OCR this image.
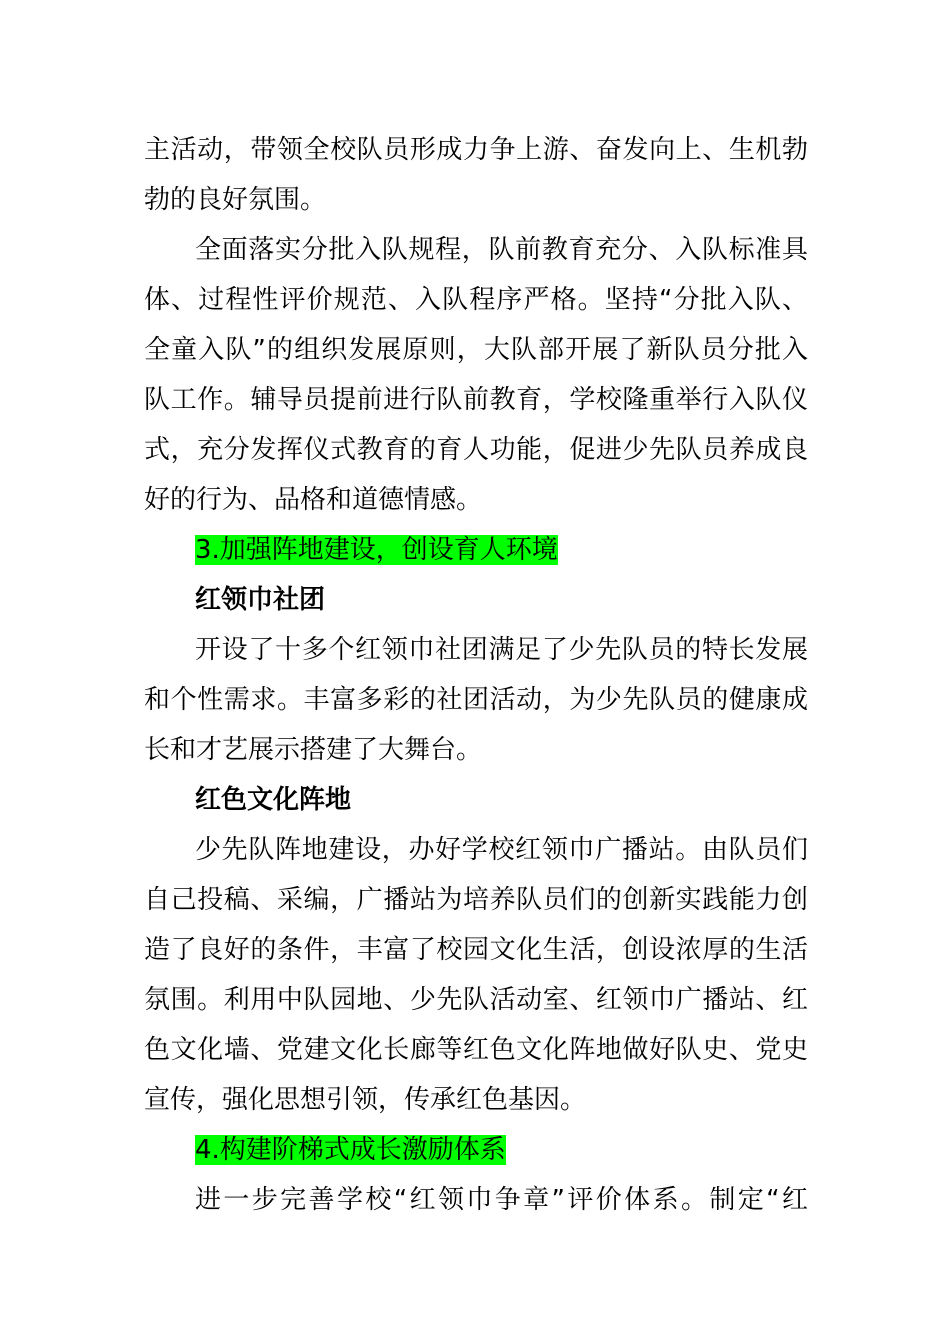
主活动，带领全校队员形成力争上游、奋发向上、生机勃
勃的良好氛围。
全面落实分批入队规程，队前教育充分、入队标准具
体、过程性评价规范、入队程序严格。坚持“分批入队、
全童入队”的组织发展原则，大队部开展了新队员分批入
队工作。辅导员提前进行队前教育，学校隆重举行入队仪
式，充分发挥仪式教育的育人功能，促进少先队员养成良
好的行为、品格和道德情感。
3.加强阵地建设，创设育人环境
红领巾社团
开设了十多个红领巾社团满足了少先队员的特长发展
和个性需求。丰富多彩的社团活动，为少先队员的健康成
长和才艺展示搭建了大舞台。
红色文化阵地
少先队阵地建设，办好学校红领巾广播站。由队员们
自己投稿、采编，广播站为培养队员们的创新实践能力创
造了良好的条件，丰富了校园文化生活，创设浓厚的生活
氛围。利用中队园地、少先队活动室、红领巾广播站、红
色文化墙、党建文化长廊等红色文化阵地做好队史、党史
宣传，强化思想引领，传承红色基因。
4.构建阶梯式成长激励体系
进一步完善学校“红领巾争章”评价体系。制定“红
